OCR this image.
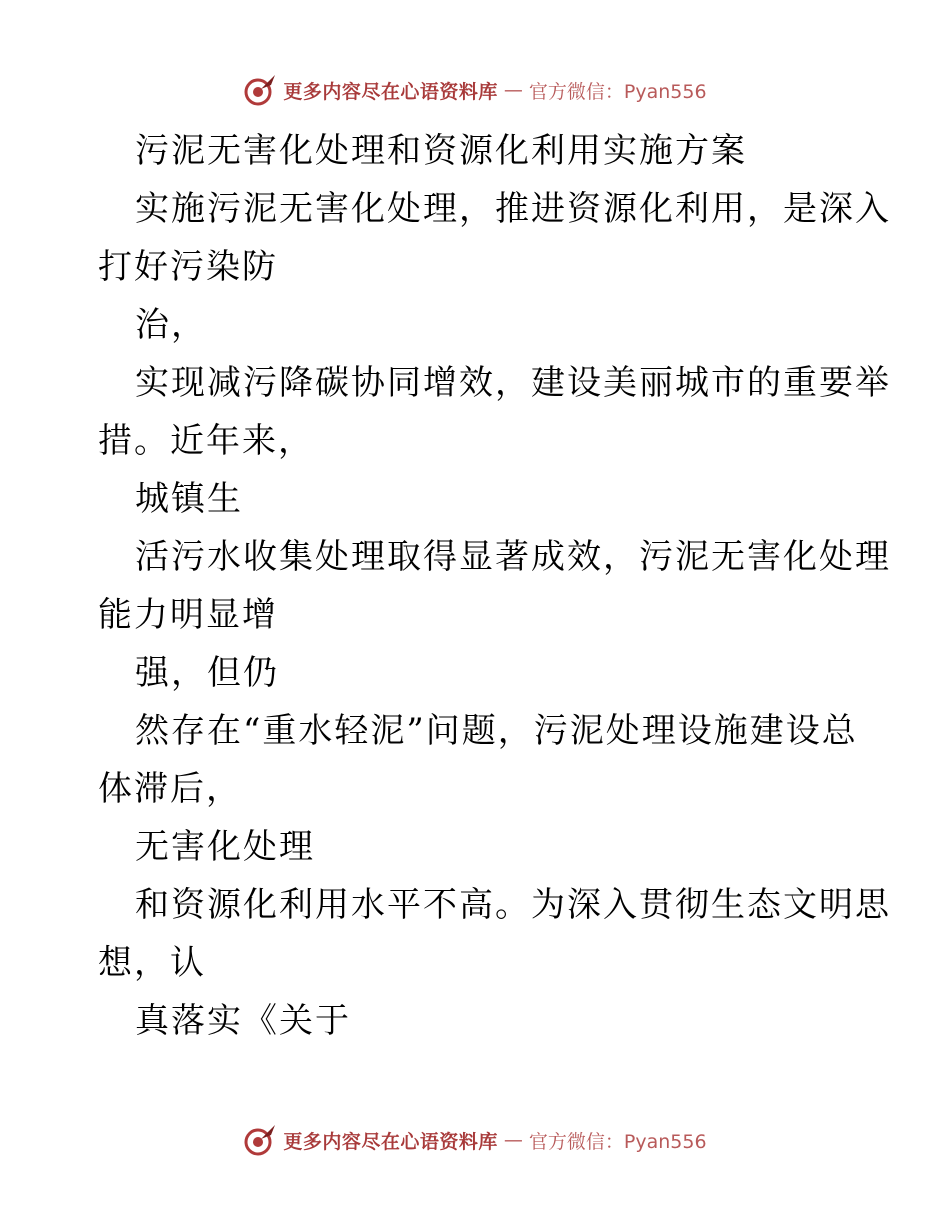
更多内容尽在心语资料库 — 官方微信：Pyan556
污泥无害化处理和资源化利用实施方案
实施污泥无害化处理，推进资源化利用，是深入
打好污染防
治，
实现减污降碳协同增效，建设美丽城市的重要举
措。近年来，
城镇生
活污水收集处理取得显著成效，污泥无害化处理
能力明显增
强，但仍
然存在“重水轻泥”问题，污泥处理设施建设总
体滞后，
无害化处理
和资源化利用水平不高。为深入贯彻生态文明思
想，认
真落实《关于
更多内容尽在心语资料库 — 官方微信：Pyan556
